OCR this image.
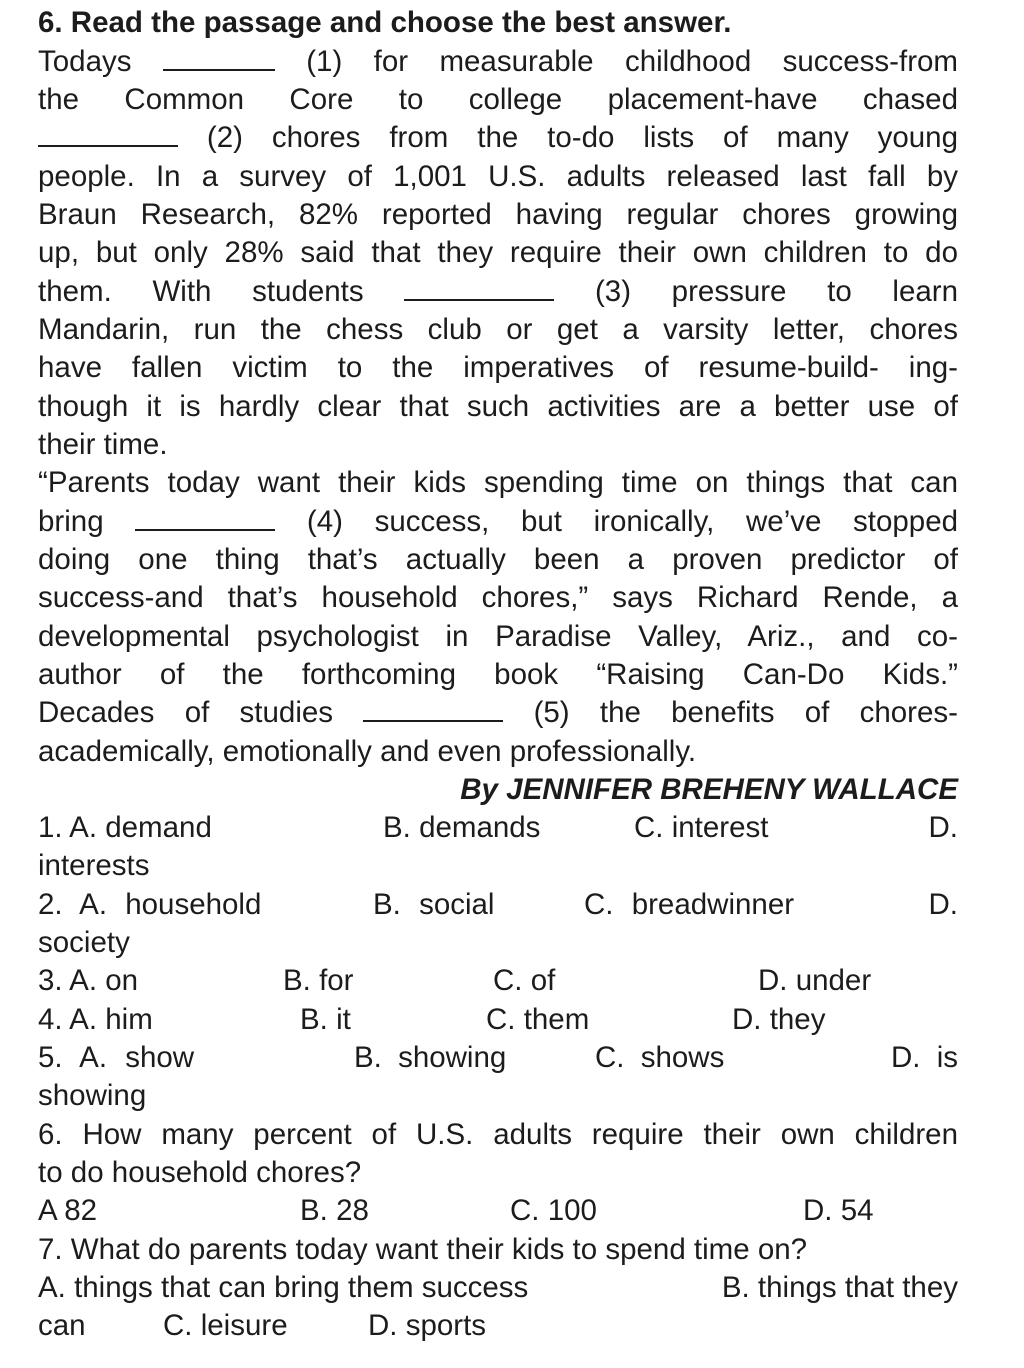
6. Read the passage and choose the best answer.
Todays	(1) for measurable childhood success-from
the Common Core to college placement-have chased
(2) chores from the to-do lists of many young
people. In a survey of 1,001 U.S. adults released last fall by
Braun Research, 82% reported having regular chores growing
up, but only 28% said that they require their own children to do
them. With students	(3) pressure to learn
Mandarin, run the chess club or get a varsity letter, chores
have fallen victim to the imperatives of resume-build- ing-
though it is hardly clear that such activities are a better use of
their time.
“Parents today want their kids spending time on things that can
bring	(4) success, but ironically, we’ve stopped
doing one thing that’s actually been a proven predictor of
success-and that’s household chores,” says Richard Rende, a
developmental psychologist in Paradise Valley, Ariz., and co-
author of the forthcoming book “Raising Can-Do Kids.”
Decades of studies	(5) the benefits of chores-
academically, emotionally and even professionally.
By JENNIFER BREHENY WALLACE
1. A. demand	B. demands	C. interest	D.
interests
2. A. household	B. social	C. breadwinner	D.
society
3. A. on	B. for	C. of	D. under
4. A. him	B. it	C. them	D. they
5. A. show	B. showing	C. shows	D. is
showing
6. How many percent of U.S. adults require their own children
to do household chores?
A 82	B. 28	C. 100	D. 54
7. What do parents today want their kids to spend time on?
A. things that can bring them success	B. things that they
can	C. leisure	D. sports
